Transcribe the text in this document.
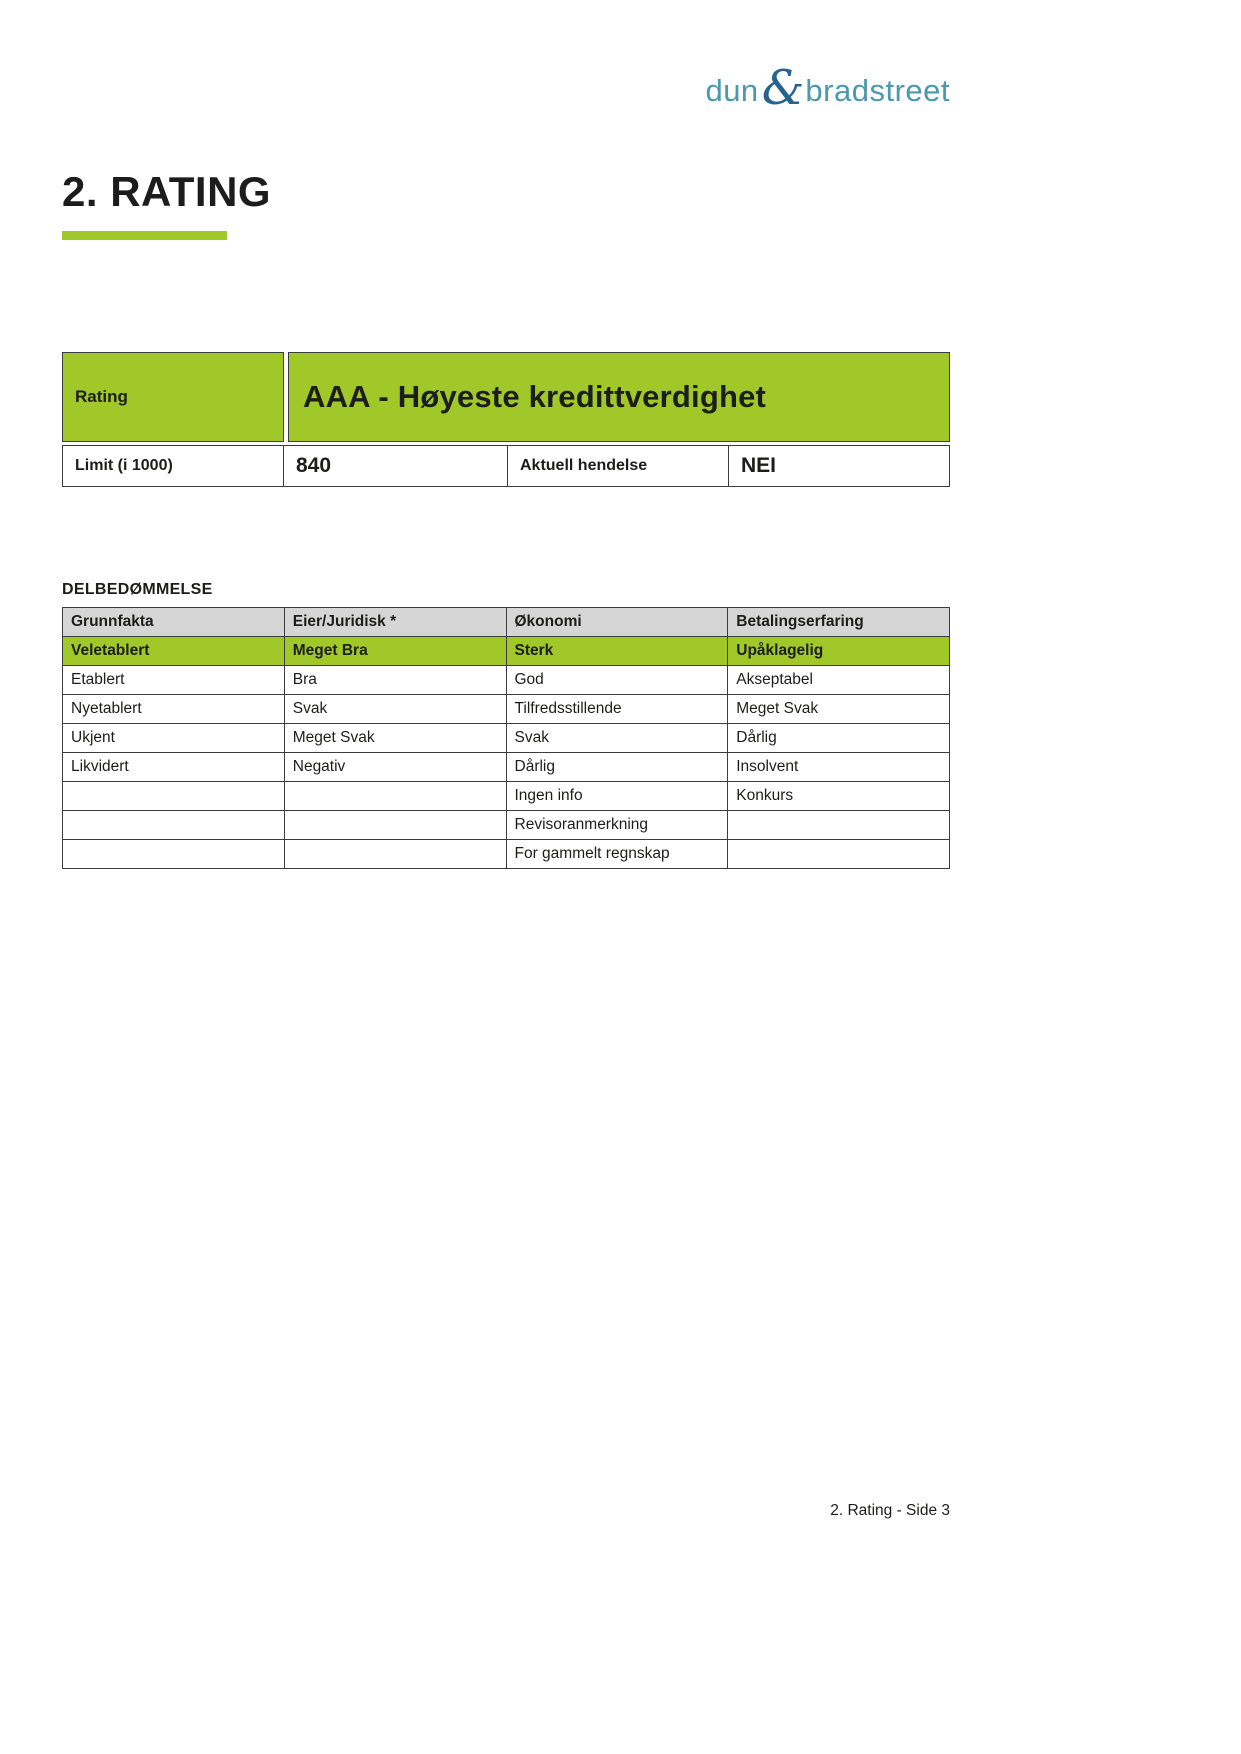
dun & bradstreet
2. RATING
Rating	AAA - Høyeste kredittverdighet
Limit (i 1000)	840	Aktuell hendelse	NEI
DELBEDØMMELSE
Grunnfakta	Eier/Juridisk *	Økonomi	Betalingserfaring
Veletablert	Meget Bra	Sterk	Upåklagelig
Etablert	Bra	God	Akseptabel
Nyetablert	Svak	Tilfredsstillende	Meget Svak
Ukjent	Meget Svak	Svak	Dårlig
Likvidert	Negativ	Dårlig	Insolvent
		Ingen info	Konkurs
		Revisoranmerkning	
		For gammelt regnskap	
2. Rating - Side 3
